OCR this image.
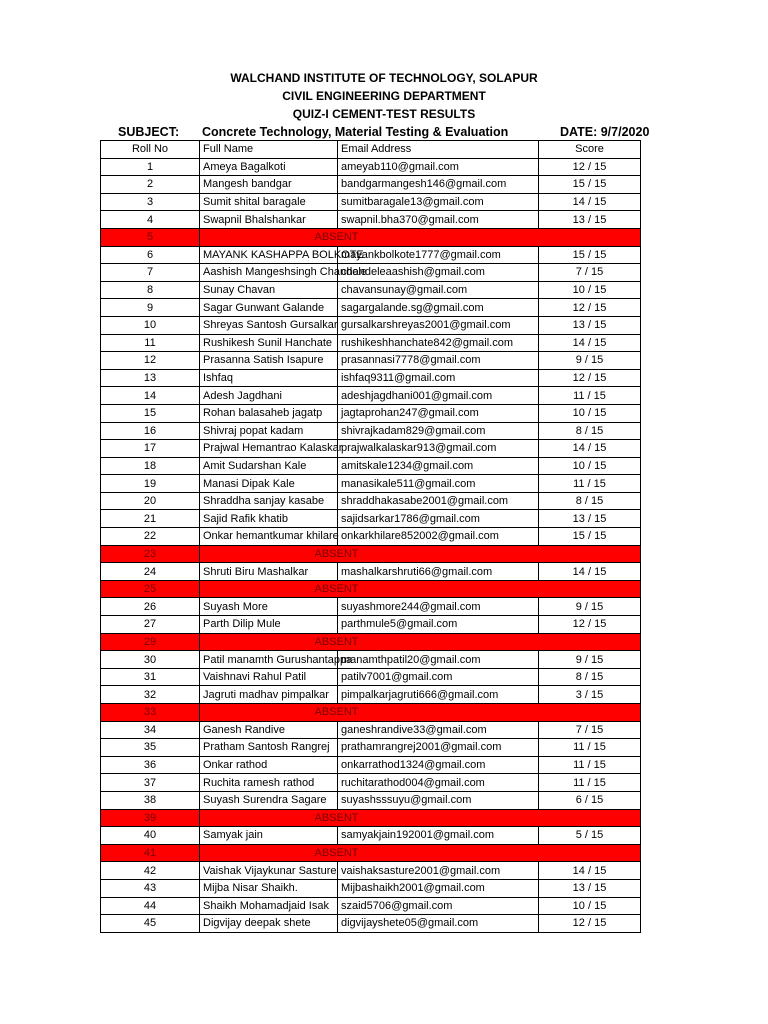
WALCHAND INSTITUTE OF TECHNOLOGY, SOLAPUR
CIVIL ENGINEERING DEPARTMENT
QUIZ-I CEMENT-TEST RESULTS
SUBJECT: Concrete Technology, Material Testing & Evaluation	DATE: 9/7/2020
Roll No	Full Name	Email Address	Score
1	Ameya Bagalkoti	ameyab110@gmail.com	12 / 15
2	Mangesh bandgar	bandgarmangesh146@gmail.com	15 / 15
3	Sumit shital baragale	sumitbaragale13@gmail.com	14 / 15
4	Swapnil Bhalshankar	swapnil.bha370@gmail.com	13 / 15
5	ABSENT		
6	MAYANK KASHAPPA BOLKOTE	mayankbolkote1777@gmail.com	15 / 15
7	Aashish Mangeshsingh Chandele	chandeleaashish@gmail.com	7 / 15
8	Sunay Chavan	chavansunay@gmail.com	10 / 15
9	Sagar Gunwant Galande	sagargalande.sg@gmail.com	12 / 15
10	Shreyas Santosh Gursalkar	gursalkarshreyas2001@gmail.com	13 / 15
11	Rushikesh Sunil Hanchate	rushikeshhanchate842@gmail.com	14 / 15
12	Prasanna Satish Isapure	prasannasi7778@gmail.com	9 / 15
13	Ishfaq	ishfaq9311@gmail.com	12 / 15
14	Adesh Jagdhani	adeshjagdhani001@gmail.com	11 / 15
15	Rohan balasaheb jagatp	jagtaprohan247@gmail.com	10 / 15
16	Shivraj popat kadam	shivrajkadam829@gmail.com	8 / 15
17	Prajwal Hemantrao Kalaskar	prajwalkalaskar913@gmail.com	14 / 15
18	Amit Sudarshan Kale	amitskale1234@gmail.com	10 / 15
19	Manasi Dipak Kale	manasikale511@gmail.com	11 / 15
20	Shraddha sanjay kasabe	shraddhakasabe2001@gmail.com	8 / 15
21	Sajid Rafik khatib	sajidsarkar1786@gmail.com	13 / 15
22	Onkar hemantkumar khilare	onkarkhilare852002@gmail.com	15 / 15
23	ABSENT		
24	Shruti Biru Mashalkar	mashalkarshruti66@gmail.com	14 / 15
25	ABSENT		
26	Suyash More	suyashmore244@gmail.com	9 / 15
27	Parth Dilip Mule	parthmule5@gmail.com	12 / 15
29	ABSENT		
30	Patil manamth Gurushantappa	manamthpatil20@gmail.com	9 / 15
31	Vaishnavi Rahul Patil	patilv7001@gmail.com	8 / 15
32	Jagruti madhav pimpalkar	pimpalkarjagruti666@gmail.com	3 / 15
33	ABSENT		
34	Ganesh Randive	ganeshrandive33@gmail.com	7 / 15
35	Pratham Santosh Rangrej	prathamrangrej2001@gmail.com	11 / 15
36	Onkar rathod	onkarrathod1324@gmail.com	11 / 15
37	Ruchita ramesh rathod	ruchitarathod004@gmail.com	11 / 15
38	Suyash Surendra Sagare	suyashsssuyu@gmail.com	6 / 15
39	ABSENT		
40	Samyak jain	samyakjain192001@gmail.com	5 / 15
41	ABSENT		
42	Vaishak Vijaykunar Sasture	vaishaksasture2001@gmail.com	14 / 15
43	Mijba Nisar Shaikh.	Mijbashaikh2001@gmail.com	13 / 15
44	Shaikh Mohamadjaid Isak	szaid5706@gmail.com	10 / 15
45	Digvijay deepak shete	digvijayshete05@gmail.com	12 / 15
